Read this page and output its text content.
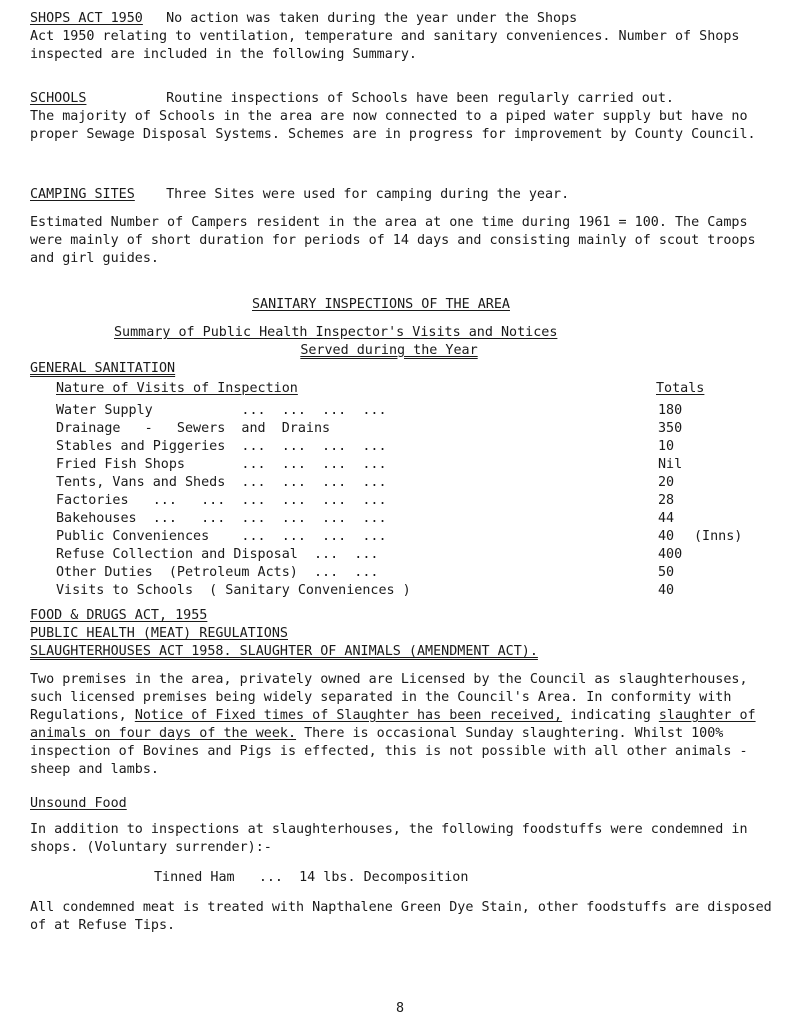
SHOPS ACT 1950 No action was taken during the year under the Shops

Act 1950 relating to ventilation, temperature and sanitary conveniences. Number of Shops inspected are included in the following Summary.

SCHOOLS	Routine inspections of Schools have been regularly carried out.

The majority of Schools in the area are now connected to a piped water supply but have no proper Sewage Disposal Systems. Schemes are in progress for improvement by County Council.

CAMPING SITES Three Sites were used for camping during the year.

Estimated Number of Campers resident in the area at one time during 1961 = 100. The Camps were mainly of short duration for periods of 14 days and consisting mainly of scout troops and girl guides.

SANITARY INSPECTIONS OF THE AREA
Summary of Public Health Inspector's Visits and Notices
Served during the Year
GENERAL SANITATION
Nature of Visits of Inspection	Totals
Water Supply           ...  ...  ...  ...	180
Drainage   -   Sewers  and  Drains	350
Stables and Piggeries  ...  ...  ...  ...	10
Fried Fish Shops       ...  ...  ...  ...	Nil
Tents, Vans and Sheds  ...  ...  ...  ...	20
Factories   ...   ...  ...  ...  ...  ...	28
Bakehouses  ...   ...  ...  ...  ...  ...	44
Public Conveniences    ...  ...  ...  ...	40 (Inns)
Refuse Collection and Disposal  ...  ...	400
Other Duties  (Petroleum Acts)  ...  ...	50
Visits to Schools  ( Sanitary Conveniences )	40
FOOD & DRUGS ACT, 1955
PUBLIC HEALTH (MEAT) REGULATIONS
SLAUGHTERHOUSES ACT 1958. SLAUGHTER OF ANIMALS (AMENDMENT ACT).

Two premises in the area, privately owned are Licensed by the Council as slaughterhouses, such licensed premises being widely separated in the Council's Area. In conformity with Regulations, Notice of Fixed times of Slaughter has been received, indicating slaughter of animals on four days of the week. There is occasional Sunday slaughtering. Whilst 100% inspection of Bovines and Pigs is effected, this is not possible with all other animals - sheep and lambs.

Unsound Food

In addition to inspections at slaughterhouses, the following foodstuffs were condemned in shops. (Voluntary surrender):-

Tinned Ham ... 14 lbs. Decomposition

All condemned meat is treated with Napthalene Green Dye Stain, other foodstuffs are disposed of at Refuse Tips.

8
